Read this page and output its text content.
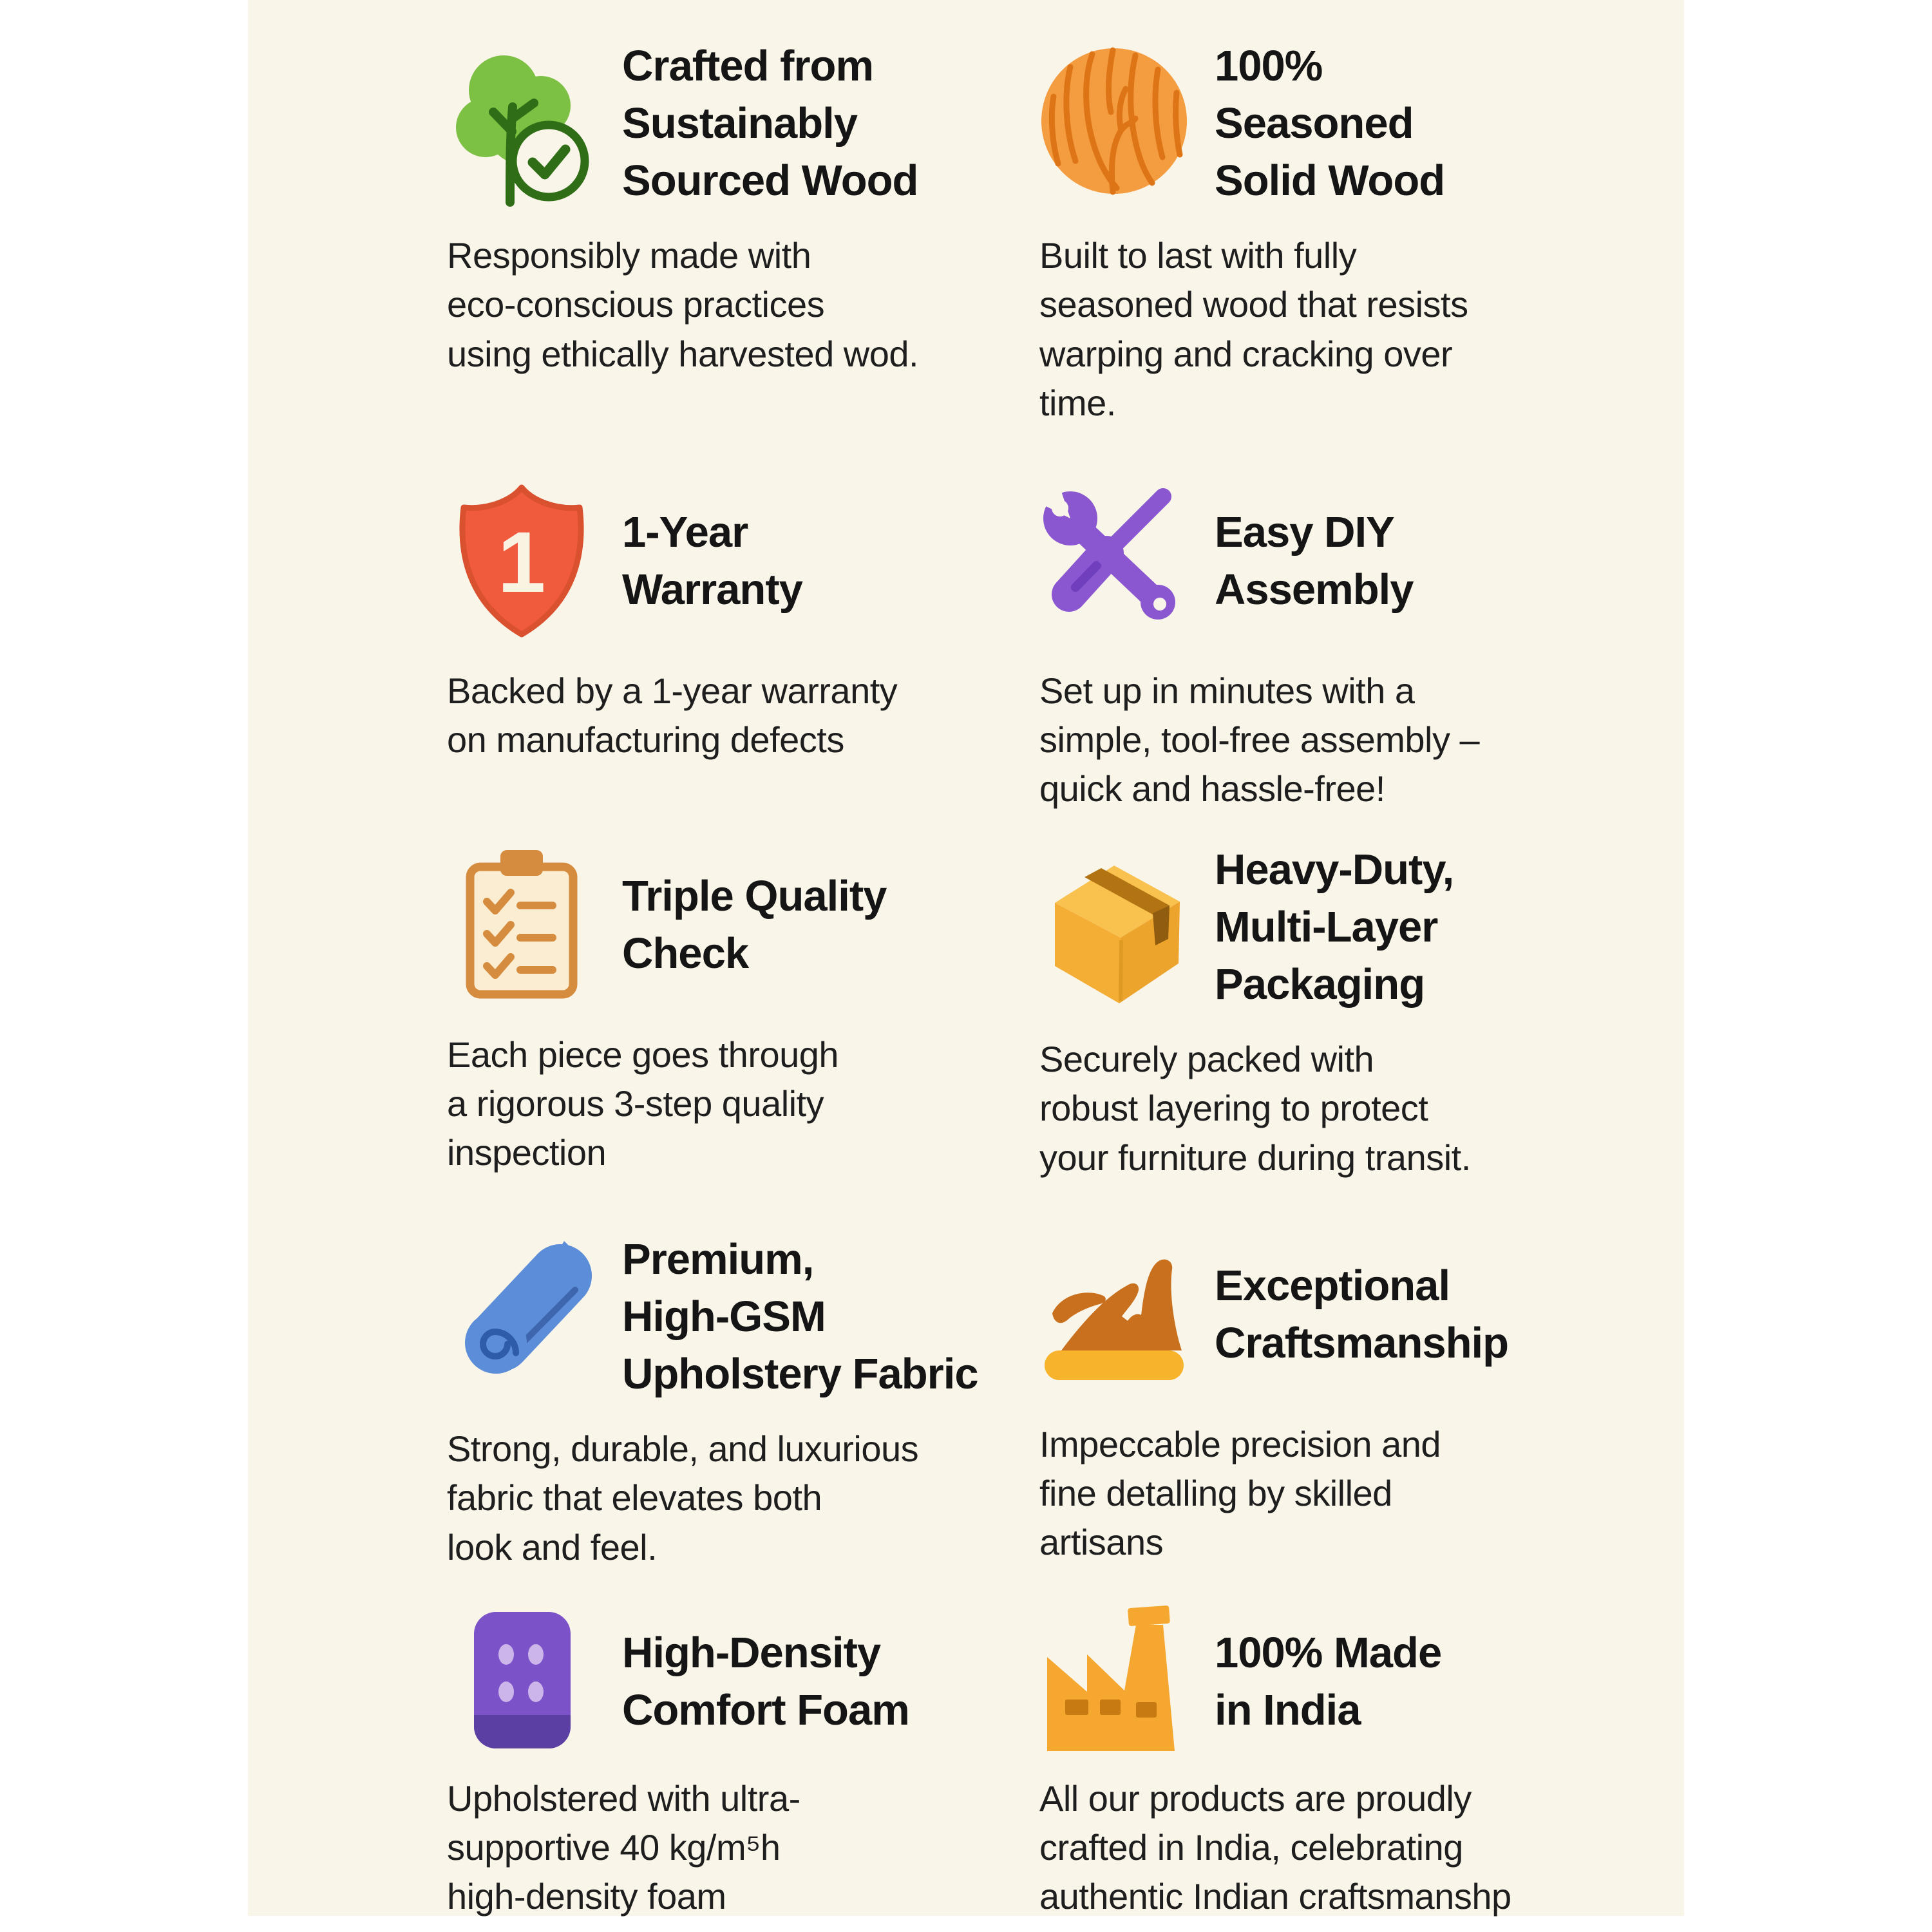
Crafted from
Sustainably
Sourced Wood
Responsibly made with
eco-conscious practices
using ethically harvested wod.
100%
Seasoned
Solid Wood
Built to last with fully
seasoned wood that resists
warping and cracking over
time.
1 1-Year
Warranty
Backed by a 1-year warranty
on manufacturing defects
Easy DIY
Assembly
Set up in minutes with a
simple, tool-free assembly –
quick and hassle-free!
Triple Quality
Check
Each piece goes through
a rigorous 3-step quality
inspection
Heavy-Duty,
Multi-Layer
Packaging
Securely packed with
robust layering to protect
your furniture during transit.
Premium,
High-GSM
Upholstery Fabric
Strong, durable, and luxurious
fabric that elevates both
look and feel.
Exceptional
Craftsmanship
Impeccable precision and
fine detalling by skilled
artisans
High-Density
Comfort Foam
Upholstered with ultra-
supportive 40 kg/m⁵h
high-density foam
100% Made
in India
All our products are proudly
crafted in India, celebrating
authentic Indian craftsmanshp
